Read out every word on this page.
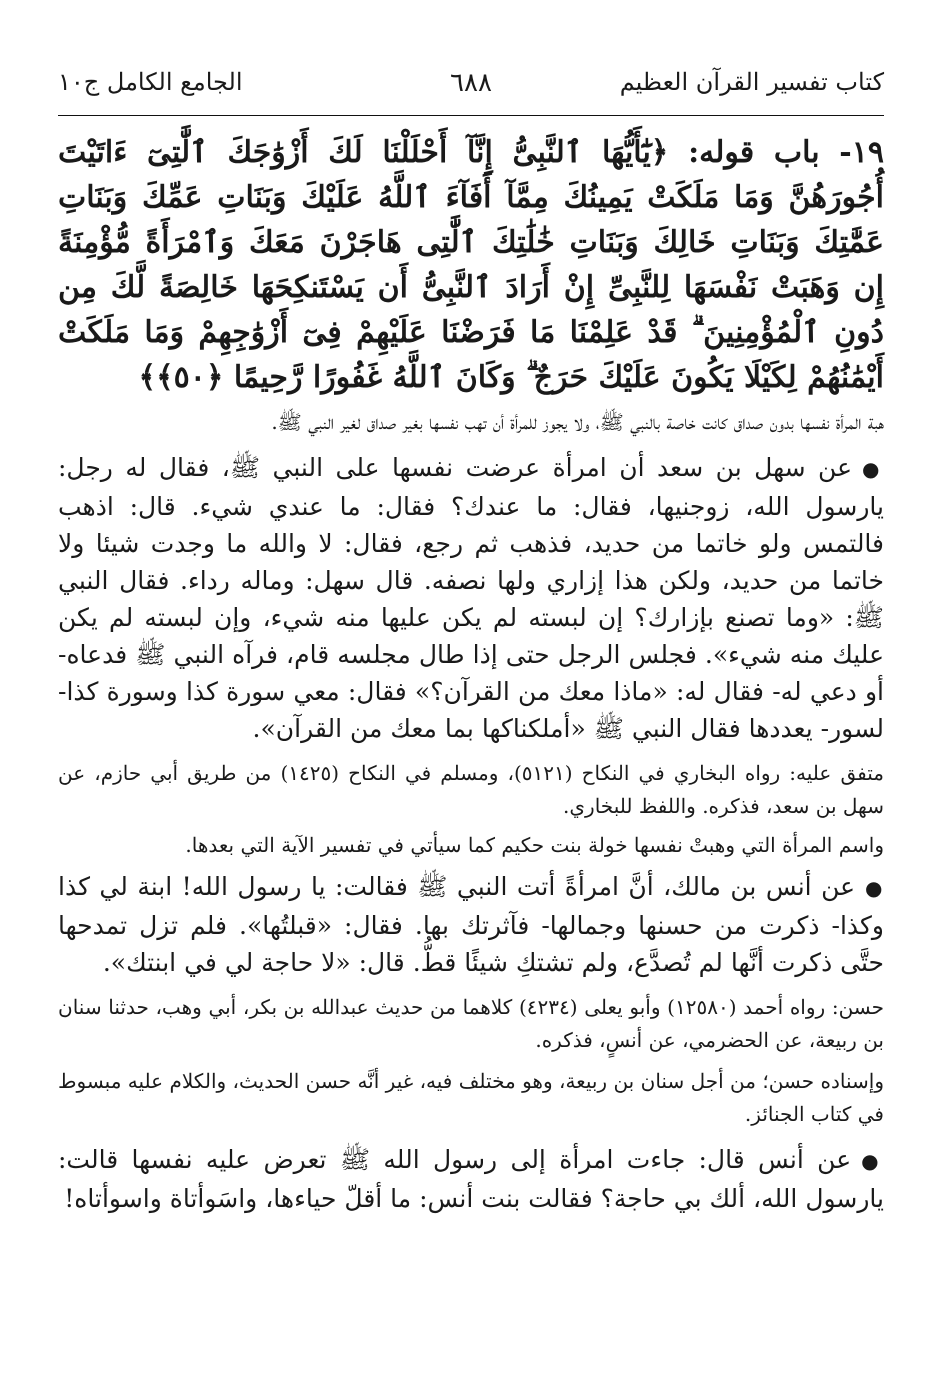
كتاب تفسير القرآن العظيم
٦٨٨
الجامع الكامل ج١٠

١٩- باب قوله: ﴿يَٰٓأَيُّهَا ٱلنَّبِىُّ إِنَّآ أَحْلَلْنَا لَكَ أَزْوَٰجَكَ ٱلَّٰتِىٓ ءَاتَيْتَ أُجُورَهُنَّ وَمَا مَلَكَتْ يَمِينُكَ مِمَّآ أَفَآءَ ٱللَّهُ عَلَيْكَ وَبَنَاتِ عَمِّكَ وَبَنَاتِ عَمَّٰتِكَ وَبَنَاتِ خَالِكَ وَبَنَاتِ خَٰلَٰتِكَ ٱلَّٰتِى هَاجَرْنَ مَعَكَ وَٱمْرَأَةً مُّؤْمِنَةً إِن وَهَبَتْ نَفْسَهَا لِلنَّبِىِّ إِنْ أَرَادَ ٱلنَّبِىُّ أَن يَسْتَنكِحَهَا خَالِصَةً لَّكَ مِن دُونِ ٱلْمُؤْمِنِينَ ۗ قَدْ عَلِمْنَا مَا فَرَضْنَا عَلَيْهِمْ فِىٓ أَزْوَٰجِهِمْ وَمَا مَلَكَتْ أَيْمَٰنُهُمْ لِكَيْلَا يَكُونَ عَلَيْكَ حَرَجٌ ۗ وَكَانَ ٱللَّهُ غَفُورًا رَّحِيمًا ﴿٥٠﴾﴾

هبة المرأة نفسها بدون صداق كانت خاصة بالنبي ﷺ، ولا يجوز للمرأة أن تهب نفسها بغير صداق لغير النبي ﷺ.

●عن سهل بن سعد أن امرأة عرضت نفسها على النبي ﷺ، فقال له رجل: يارسول الله، زوجنيها، فقال: ما عندك؟ فقال: ما عندي شيء. قال: اذهب فالتمس ولو خاتما من حديد، فذهب ثم رجع، فقال: لا والله ما وجدت شيئا ولا خاتما من حديد، ولكن هذا إزاري ولها نصفه. قال سهل: وماله رداء. فقال النبي ﷺ: «وما تصنع بإزارك؟ إن لبسته لم يكن عليها منه شيء، وإن لبسته لم يكن عليك منه شيء». فجلس الرجل حتى إذا طال مجلسه قام، فرآه النبي ﷺ فدعاه- أو دعي له- فقال له: «ماذا معك من القرآن؟» فقال: معي سورة كذا وسورة كذا- لسور- يعددها فقال النبي ﷺ «أملكناكها بما معك من القرآن».

متفق عليه: رواه البخاري في النكاح (٥١٢١)، ومسلم في النكاح (١٤٢٥) من طريق أبي حازم، عن سهل بن سعد، فذكره. واللفظ للبخاري.

واسم المرأة التي وهبتْ نفسها خولة بنت حكيم كما سيأتي في تفسير الآية التي بعدها.

●عن أنس بن مالك، أنَّ امرأةً أتت النبي ﷺ فقالت: يا رسول الله! ابنة لي كذا وكذا- ذكرت من حسنها وجمالها- فآثرتك بها. فقال: «قبلتُها». فلم تزل تمدحها حتَّى ذكرت أنَّها لم تُصدَّع، ولم تشتكِ شيئًا قطُّ. قال: «لا حاجة لي في ابنتك».

حسن: رواه أحمد (١٢٥٨٠) وأبو يعلى (٤٢٣٤) كلاهما من حديث عبدالله بن بكر، أبي وهب، حدثنا سنان بن ربيعة، عن الحضرمي، عن أنسٍ، فذكره.

وإسناده حسن؛ من أجل سنان بن ربيعة، وهو مختلف فيه، غير أنَّه حسن الحديث، والكلام عليه مبسوط في كتاب الجنائز.

●عن أنس قال: جاءت امرأة إلى رسول الله ﷺ تعرض عليه نفسها قالت: يارسول الله، ألك بي حاجة؟ فقالت بنت أنس: ما أقلّ حياءها، واسَوأتاة واسوأتاه!
